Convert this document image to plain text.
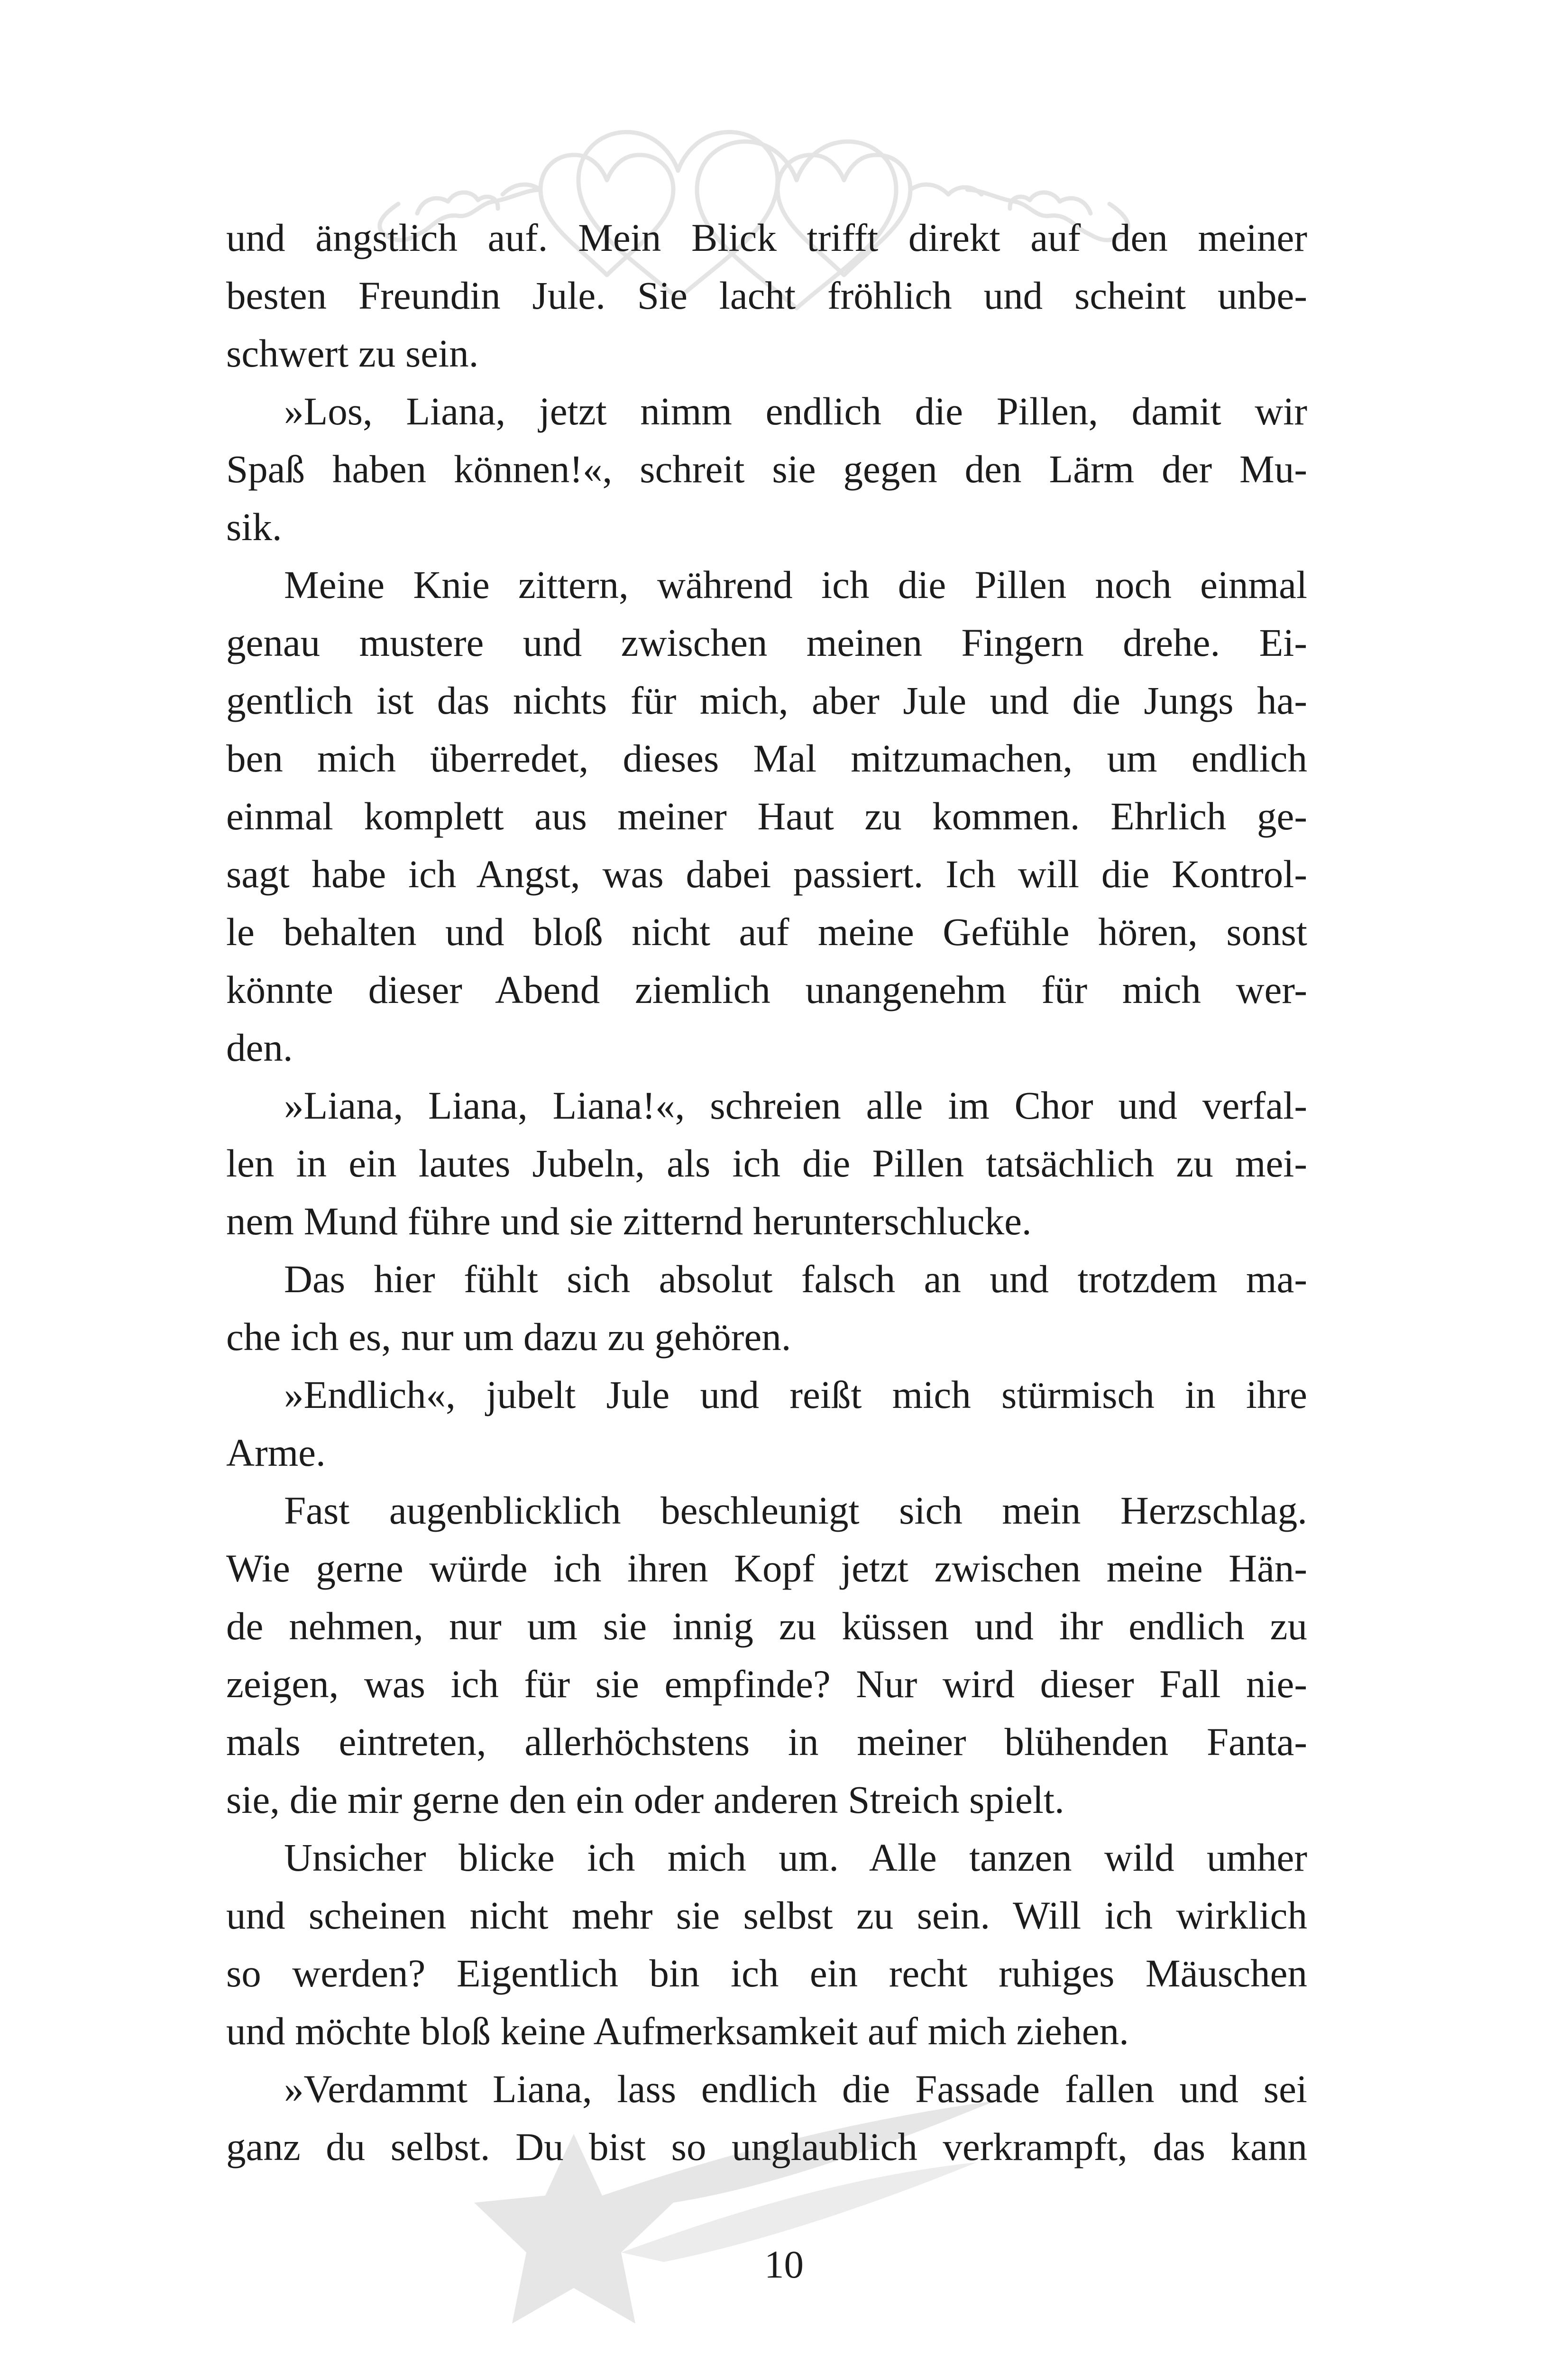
und ängstlich auf. Mein Blick trifft direkt auf den meiner
besten Freundin Jule. Sie lacht fröhlich und scheint unbe-
schwert zu sein.
»Los, Liana, jetzt nimm endlich die Pillen, damit wir
Spaß haben können!«, schreit sie gegen den Lärm der Mu-
sik.
Meine Knie zittern, während ich die Pillen noch einmal
genau mustere und zwischen meinen Fingern drehe. Ei-
gentlich ist das nichts für mich, aber Jule und die Jungs ha-
ben mich überredet, dieses Mal mitzumachen, um endlich
einmal komplett aus meiner Haut zu kommen. Ehrlich ge-
sagt habe ich Angst, was dabei passiert. Ich will die Kontrol-
le behalten und bloß nicht auf meine Gefühle hören, sonst
könnte dieser Abend ziemlich unangenehm für mich wer-
den.
»Liana, Liana, Liana!«, schreien alle im Chor und verfal-
len in ein lautes Jubeln, als ich die Pillen tatsächlich zu mei-
nem Mund führe und sie zitternd herunterschlucke.
Das hier fühlt sich absolut falsch an und trotzdem ma-
che ich es, nur um dazu zu gehören.
»Endlich«, jubelt Jule und reißt mich stürmisch in ihre
Arme.
Fast augenblicklich beschleunigt sich mein Herzschlag.
Wie gerne würde ich ihren Kopf jetzt zwischen meine Hän-
de nehmen, nur um sie innig zu küssen und ihr endlich zu
zeigen, was ich für sie empfinde? Nur wird dieser Fall nie-
mals eintreten, allerhöchstens in meiner blühenden Fanta-
sie, die mir gerne den ein oder anderen Streich spielt.
Unsicher blicke ich mich um. Alle tanzen wild umher
und scheinen nicht mehr sie selbst zu sein. Will ich wirklich
so werden? Eigentlich bin ich ein recht ruhiges Mäuschen
und möchte bloß keine Aufmerksamkeit auf mich ziehen.
»Verdammt Liana, lass endlich die Fassade fallen und sei
ganz du selbst. Du bist so unglaublich verkrampft, das kann
10
